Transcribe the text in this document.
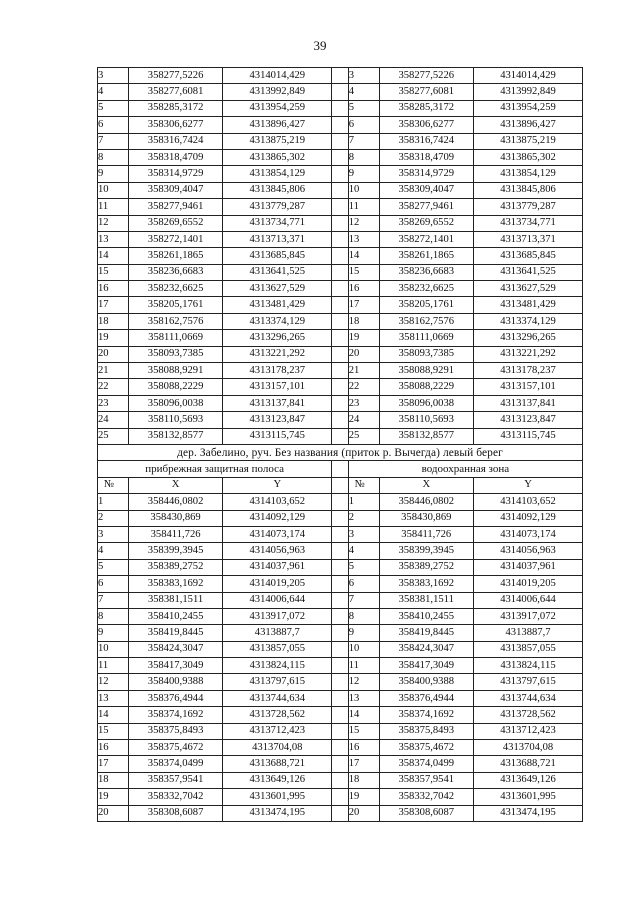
39
3	358277,5226	4314014,429		3	358277,5226	4314014,429
4	358277,6081	4313992,849		4	358277,6081	4313992,849
5	358285,3172	4313954,259		5	358285,3172	4313954,259
6	358306,6277	4313896,427		6	358306,6277	4313896,427
7	358316,7424	4313875,219		7	358316,7424	4313875,219
8	358318,4709	4313865,302		8	358318,4709	4313865,302
9	358314,9729	4313854,129		9	358314,9729	4313854,129
10	358309,4047	4313845,806		10	358309,4047	4313845,806
11	358277,9461	4313779,287		11	358277,9461	4313779,287
12	358269,6552	4313734,771		12	358269,6552	4313734,771
13	358272,1401	4313713,371		13	358272,1401	4313713,371
14	358261,1865	4313685,845		14	358261,1865	4313685,845
15	358236,6683	4313641,525		15	358236,6683	4313641,525
16	358232,6625	4313627,529		16	358232,6625	4313627,529
17	358205,1761	4313481,429		17	358205,1761	4313481,429
18	358162,7576	4313374,129		18	358162,7576	4313374,129
19	358111,0669	4313296,265		19	358111,0669	4313296,265
20	358093,7385	4313221,292		20	358093,7385	4313221,292
21	358088,9291	4313178,237		21	358088,9291	4313178,237
22	358088,2229	4313157,101		22	358088,2229	4313157,101
23	358096,0038	4313137,841		23	358096,0038	4313137,841
24	358110,5693	4313123,847		24	358110,5693	4313123,847
25	358132,8577	4313115,745		25	358132,8577	4313115,745
дер. Забелино, руч. Без названия (приток р. Вычегда) левый берег						
прибрежная защитная полоса				водоохранная зона		
№	X	Y		№	X	Y
1	358446,0802	4314103,652		1	358446,0802	4314103,652
2	358430,869	4314092,129		2	358430,869	4314092,129
3	358411,726	4314073,174		3	358411,726	4314073,174
4	358399,3945	4314056,963		4	358399,3945	4314056,963
5	358389,2752	4314037,961		5	358389,2752	4314037,961
6	358383,1692	4314019,205		6	358383,1692	4314019,205
7	358381,1511	4314006,644		7	358381,1511	4314006,644
8	358410,2455	4313917,072		8	358410,2455	4313917,072
9	358419,8445	4313887,7		9	358419,8445	4313887,7
10	358424,3047	4313857,055		10	358424,3047	4313857,055
11	358417,3049	4313824,115		11	358417,3049	4313824,115
12	358400,9388	4313797,615		12	358400,9388	4313797,615
13	358376,4944	4313744,634		13	358376,4944	4313744,634
14	358374,1692	4313728,562		14	358374,1692	4313728,562
15	358375,8493	4313712,423		15	358375,8493	4313712,423
16	358375,4672	4313704,08		16	358375,4672	4313704,08
17	358374,0499	4313688,721		17	358374,0499	4313688,721
18	358357,9541	4313649,126		18	358357,9541	4313649,126
19	358332,7042	4313601,995		19	358332,7042	4313601,995
20	358308,6087	4313474,195		20	358308,6087	4313474,195
